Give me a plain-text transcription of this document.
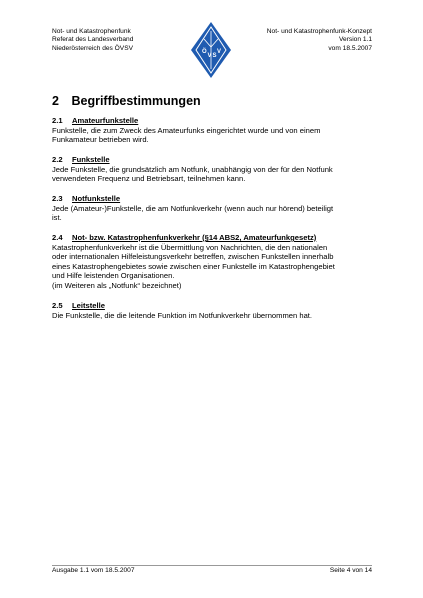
Not- und Katastrophenfunk
Referat des Landesverband
Niederösterreich des ÖVSV
Ö
V S
V
Not- und Katastrophenfunk-Konzept
Version 1.1
vom 18.5.2007
2 Begriffbestimmungen
2.1 Amateurfunkstelle
Funkstelle, die zum Zweck des Amateurfunks eingerichtet wurde und von einem
Funkamateur betrieben wird.
2.2 Funkstelle
Jede Funkstelle, die grundsätzlich am Notfunk, unabhängig von der für den Notfunk
verwendeten Frequenz und Betriebsart, teilnehmen kann.
2.3 Notfunkstelle
Jede (Amateur-)Funkstelle, die am Notfunkverkehr (wenn auch nur hörend) beteiligt
ist.
2.4 Not- bzw. Katastrophenfunkverkehr (§14 ABS2, Amateurfunkgesetz)
Katastrophenfunkverkehr ist die Übermittlung von Nachrichten, die den nationalen
oder internationalen Hilfeleistungsverkehr betreffen, zwischen Funkstellen innerhalb
eines Katastrophengebietes sowie zwischen einer Funkstelle im Katastrophengebiet
und Hilfe leistenden Organisationen.
(im Weiteren als „Notfunk“ bezeichnet)
2.5 Leitstelle
Die Funkstelle, die die leitende Funktion im Notfunkverkehr übernommen hat.
Ausgabe 1.1 vom 18.5.2007	Seite 4 von 14
